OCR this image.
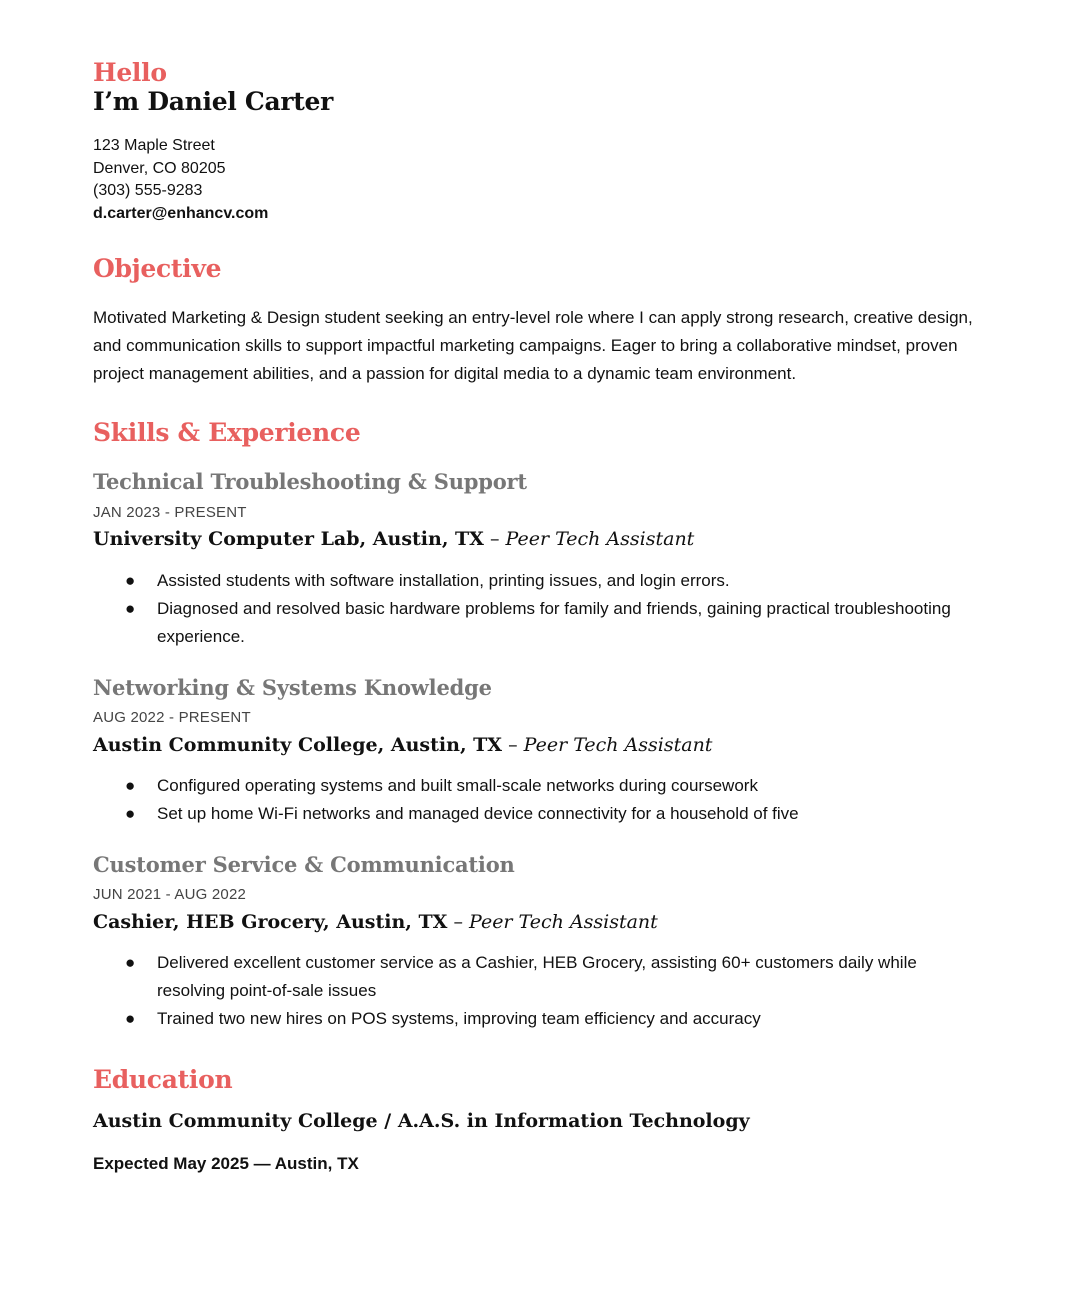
Hello
I’m Daniel Carter
123 Maple Street
Denver, CO 80205
(303) 555-9283
d.carter@enhancv.com
Objective
Motivated Marketing & Design student seeking an entry-level role where I can apply strong research, creative design, and communication skills to support impactful marketing campaigns. Eager to bring a collaborative mindset, proven project management abilities, and a passion for digital media to a dynamic team environment.
Skills & Experience
Technical Troubleshooting & Support
JAN 2023 - PRESENT
University Computer Lab, Austin, TX – Peer Tech Assistant
● Assisted students with software installation, printing issues, and login errors.
● Diagnosed and resolved basic hardware problems for family and friends, gaining practical troubleshooting experience.
Networking & Systems Knowledge
AUG 2022 - PRESENT
Austin Community College, Austin, TX – Peer Tech Assistant
● Configured operating systems and built small-scale networks during coursework
● Set up home Wi-Fi networks and managed device connectivity for a household of five
Customer Service & Communication
JUN 2021 - AUG 2022
Cashier, HEB Grocery, Austin, TX – Peer Tech Assistant
● Delivered excellent customer service as a Cashier, HEB Grocery, assisting 60+ customers daily while resolving point-of-sale issues
● Trained two new hires on POS systems, improving team efficiency and accuracy
Education
Austin Community College / A.A.S. in Information Technology
Expected May 2025 — Austin, TX
